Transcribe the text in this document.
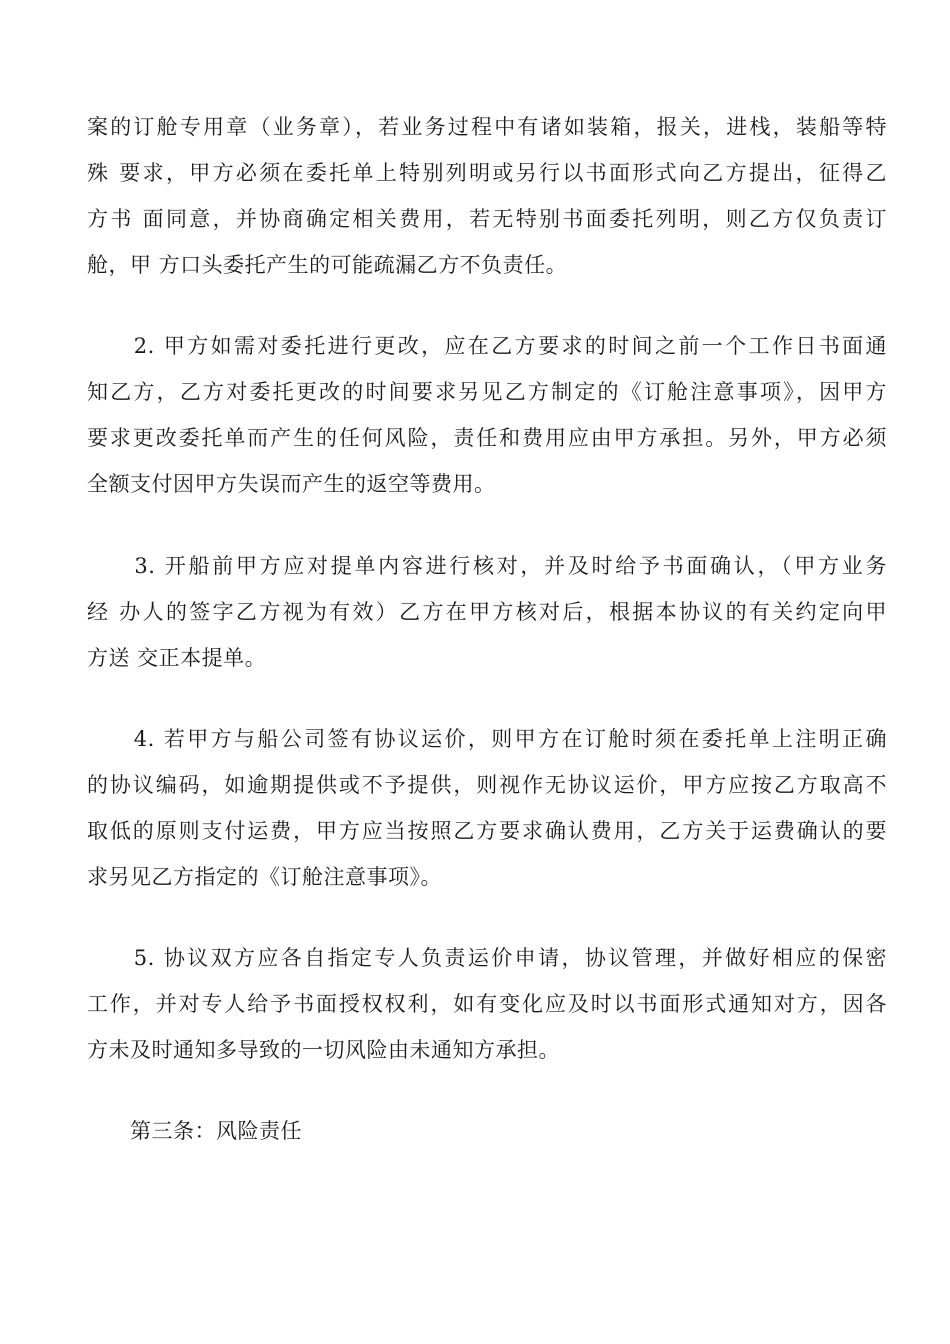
案的订舱专用章（业务章），若业务过程中有诸如装箱，报关，进栈，装船等特
殊 要求，甲方必须在委托单上特别列明或另行以书面形式向乙方提出，征得乙
方书 面同意，并协商确定相关费用，若无特别书面委托列明，则乙方仅负责订
舱，甲 方口头委托产生的可能疏漏乙方不负责任。

　　2. 甲方如需对委托进行更改，应在乙方要求的时间之前一个工作日书面通
知乙方，乙方对委托更改的时间要求另见乙方制定的《订舱注意事项》，因甲方
要求更改委托单而产生的任何风险，责任和费用应由甲方承担。另外，甲方必须
全额支付因甲方失误而产生的返空等费用。

　　3. 开船前甲方应对提单内容进行核对，并及时给予书面确认，（甲方业务
经 办人的签字乙方视为有效）乙方在甲方核对后，根据本协议的有关约定向甲
方送 交正本提单。

　　4. 若甲方与船公司签有协议运价，则甲方在订舱时须在委托单上注明正确
的协议编码，如逾期提供或不予提供，则视作无协议运价，甲方应按乙方取高不
取低的原则支付运费，甲方应当按照乙方要求确认费用，乙方关于运费确认的要
求另见乙方指定的《订舱注意事项》。

　　5. 协议双方应各自指定专人负责运价申请，协议管理，并做好相应的保密
工作，并对专人给予书面授权权利，如有变化应及时以书面形式通知对方，因各
方未及时通知多导致的一切风险由未通知方承担。

　　第三条：风险责任
